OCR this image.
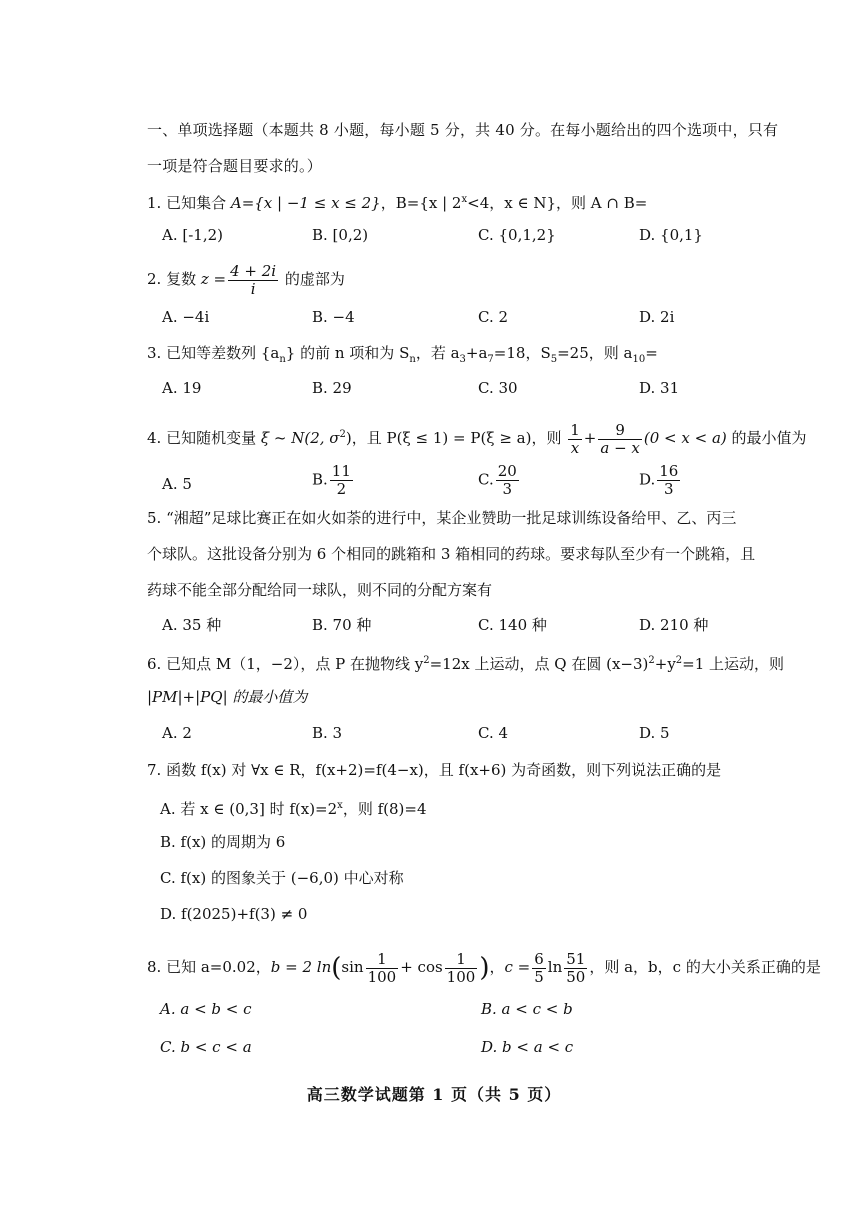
一、单项选择题（本题共 8 小题，每小题 5 分，共 40 分。在每小题给出的四个选项中，只有
一项是符合题目要求的。）
1. 已知集合 A={x | −1 ≤ x ≤ 2}，B={x | $2^x<4$，x ∈ N}，则 A ∩ B=
A. [-1,2)	B. [0,2)	C. {0,1,2}	D. {0,1}
2. 复数 $z = \frac{4 + 2i}{i}$ 的虚部为
A. −4i	B. −4	C. 2	D. 2i
3. 已知等差数列 $\{a_n\}$ 的前 n 项和为 $S_n$，若 $a_3+a_7=18$，$S_5=25$，则 $a_{10}=$
A. 19	B. 29	C. 30	D. 31
4. 已知随机变量 ξ ~ N(2, $\sigma^2$)，且 P(ξ ≤ 1) = P(ξ ≥ a)，则 $\frac{1}{x} + \frac{9}{a - x} (0 < x < a)$ 的最小值为
A. 5	B. $\frac{11}{2}$	C. $\frac{20}{3}$	D. $\frac{16}{3}$
5. “湘超”足球比赛正在如火如荼的进行中，某企业赞助一批足球训练设备给甲、乙、丙三
个球队。这批设备分别为 6 个相同的跳箱和 3 箱相同的药球。要求每队至少有一个跳箱，且
药球不能全部分配给同一球队，则不同的分配方案有
A. 35 种	B. 70 种	C. 140 种	D. 210 种
6. 已知点 M（1，−2），点 P 在抛物线 $y^2=12x$ 上运动，点 Q 在圆 $(x-3)^2+y^2=1$ 上运动，则
|PM|+|PQ| 的最小值为
A. 2	B. 3	C. 4	D. 5
7. 函数 f(x) 对 ∀x ∈ R，f(x+2)=f(4−x)，且 f(x+6) 为奇函数，则下列说法正确的是
A. 若 x ∈ (0,3] 时 $f(x)=2^x$，则 f(8)=4
B. f(x) 的周期为 6
C. f(x) 的图象关于 (−6,0) 中心对称
D. f(2025)+f(3) ≠ 0
8. 已知 a=0.02，b = 2 $\ln(\sin \frac{1}{100} + \cos \frac{1}{100}$ )，$c = \frac{6}{5}$ $\ln \frac{51}{50}$ ，则 a，b，c 的大小关系正确的是
A. a < b < c	B. a < c < b
C. b < c < a	D. b < a < c
高三数学试题第 1 页（共 5 页）
